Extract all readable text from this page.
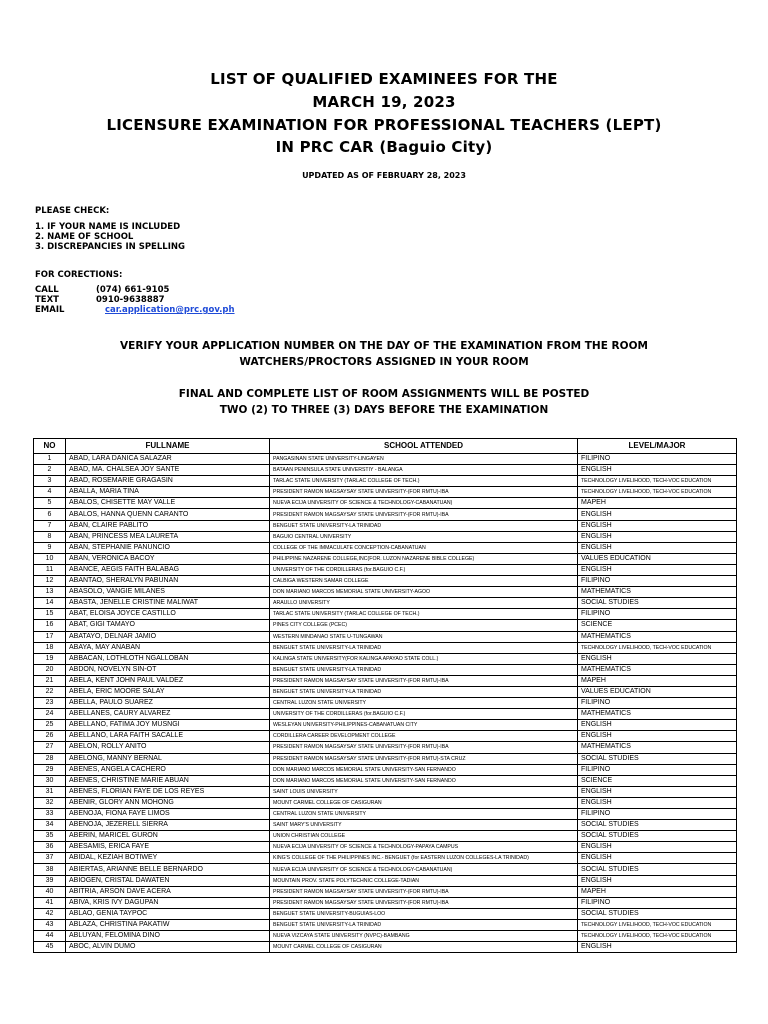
LIST OF QUALIFIED EXAMINEES FOR THE
MARCH 19, 2023
LICENSURE EXAMINATION FOR PROFESSIONAL TEACHERS (LEPT)
IN PRC CAR (Baguio City)
UPDATED AS OF FEBRUARY 28, 2023
PLEASE CHECK:
1. IF YOUR NAME IS INCLUDED
2. NAME OF SCHOOL
3. DISCREPANCIES IN SPELLING
FOR CORECTIONS:
CALL	(074) 661-9105
TEXT	0910-9638887
EMAIL	car.application@prc.gov.ph
VERIFY YOUR APPLICATION NUMBER ON THE DAY OF THE EXAMINATION FROM THE ROOM
WATCHERS/PROCTORS ASSIGNED IN YOUR ROOM
FINAL AND COMPLETE LIST OF ROOM ASSIGNMENTS WILL BE POSTED
TWO (2) TO THREE (3) DAYS BEFORE THE EXAMINATION
NO	FULLNAME	SCHOOL ATTENDED	LEVEL/MAJOR
1	ABAD, LARA DANICA SALAZAR	PANGASINAN STATE UNIVERSITY-LINGAYEN	FILIPINO
2	ABAD, MA. CHALSEA JOY SANTE	BATAAN PENINSULA STATE UNIVERSTIY - BALANGA	ENGLISH
3	ABAD, ROSEMARIE GRAGASIN	TARLAC STATE UNIVERSITY (TARLAC COLLEGE OF TECH.)	TECHNOLOGY LIVELIHOOD, TECH-VOC EDUCATION
4	ABALLA, MARIA TINA	PRESIDENT RAMON MAGSAYSAY STATE UNIVERSITY-(FOR RMTU)-IBA	TECHNOLOGY LIVELIHOOD, TECH-VOC EDUCATION
5	ABALOS, CHISETTE MAY VALLE	NUEVA ECIJA UNIVERSITY OF SCIENCE & TECHNOLOGY-CABANATUAN)	MAPEH
6	ABALOS, HANNA QUENN CARANTO	PRESIDENT RAMON MAGSAYSAY STATE UNIVERSITY-(FOR RMTU)-IBA	ENGLISH
7	ABAN, CLAIRE PABLITO	BENGUET STATE UNIVERSITY-LA TRINIDAD	ENGLISH
8	ABAN, PRINCESS MEA LAURETA	BAGUIO CENTRAL UNIVERSITY	ENGLISH
9	ABAN, STEPHANIE PANUNCIO	COLLEGE OF THE IMMACULATE CONCEPTION-CABANATUAN	ENGLISH
10	ABAN, VERONICA BACOY	PHILIPPINE NAZARENE COLLEGE,INC(FOR. LUZON NAZARENE BIBLE COLLEGE)	VALUES EDUCATION
11	ABANCE, AEGIS FAITH BALABAG	UNIVERSITY OF THE CORDILLERAS (for.BAGUIO C.F.)	ENGLISH
12	ABANTAO, SHERALYN PABUNAN	CALBIGA WESTERN SAMAR COLLEGE	FILIPINO
13	ABASOLO, VANGIE MILANES	DON MARIANO MARCOS MEMORIAL STATE UNIVERSITY-AGOO	MATHEMATICS
14	ABASTA, JENELLE CRISTINE MALIWAT	ARAULLO UNIVERSITY	SOCIAL STUDIES
15	ABAT, ELOISA JOYCE CASTILLO	TARLAC STATE UNIVERSITY (TARLAC COLLEGE OF TECH.)	FILIPINO
16	ABAT, GIGI TAMAYO	PINES CITY COLLEGE (PCEC)	SCIENCE
17	ABATAYO, DELNAR JAMIO	WESTERN MINDANAO STATE U-TUNGAWAN	MATHEMATICS
18	ABAYA, MAY ANABAN	BENGUET STATE UNIVERSITY-LA TRINIDAD	TECHNOLOGY LIVELIHOOD, TECH-VOC EDUCATION
19	ABBACAN, LOTHLOTH NGALLOBAN	KALINGA STATE UNIVERSITY(FOR KALINGA APAYAO STATE COLL.)	ENGLISH
20	ABDON, NOVELYN SIN-OT	BENGUET STATE UNIVERSITY-LA TRINIDAD	MATHEMATICS
21	ABELA, KENT JOHN PAUL VALDEZ	PRESIDENT RAMON MAGSAYSAY STATE UNIVERSITY-(FOR RMTU)-IBA	MAPEH
22	ABELA, ERIC MOORE SALAY	BENGUET STATE UNIVERSITY-LA TRINIDAD	VALUES EDUCATION
23	ABELLA, PAULO SUAREZ	CENTRAL LUZON STATE UNIVERSITY	FILIPINO
24	ABELLANES, CAURY ALVAREZ	UNIVERSITY OF THE CORDILLERAS (for.BAGUIO C.F.)	MATHEMATICS
25	ABELLANO, FATIMA JOY MUSNGI	WESLEYAN UNIVERSITY-PHILIPPINES-CABANATUAN CITY	ENGLISH
26	ABELLANO, LARA FAITH SACALLE	CORDILLERA CAREER DEVELOPMENT COLLEGE	ENGLISH
27	ABELON, ROLLY ANITO	PRESIDENT RAMON MAGSAYSAY STATE UNIVERSITY-(FOR RMTU)-IBA	MATHEMATICS
28	ABELONG, MANNY BERNAL	PRESIDENT RAMON MAGSAYSAY STATE UNIVERSITY-(FOR RMTU)-STA CRUZ	SOCIAL STUDIES
29	ABENES, ANGELA CACHERO	DON MARIANO MARCOS MEMORIAL STATE UNIVERSITY-SAN FERNANDO	FILIPINO
30	ABENES, CHRISTINE MARIE ABUAN	DON MARIANO MARCOS MEMORIAL STATE UNIVERSITY-SAN FERNANDO	SCIENCE
31	ABENES, FLORIAN FAYE DE LOS REYES	SAINT LOUIS UNIVERSITY	ENGLISH
32	ABENIR, GLORY ANN MOHONG	MOUNT CARMEL COLLEGE OF CASIGURAN	ENGLISH
33	ABENOJA, FIONA FAYE LIMOS	CENTRAL LUZON STATE UNIVERSITY	FILIPINO
34	ABENOJA, JEZERELL SIERRA	SAINT MARY'S UNIVERSITY	SOCIAL STUDIES
35	ABERIN, MARICEL GURON	UNION CHRISTIAN COLLEGE	SOCIAL STUDIES
36	ABESAMIS, ERICA FAYE	NUEVA ECIJA UNIVERSITY OF SCIENCE & TECHNOLOGY-PAPAYA CAMPUS	ENGLISH
37	ABIDAL, KEZIAH BOTIWEY	KING'S COLLEGE OF THE PHILIPPINES INC.- BENGUET (for EASTERN LUZON COLLEGES-LA TRINIDAD)	ENGLISH
38	ABIERTAS, ARIANNE BELLE BERNARDO	NUEVA ECIJA UNIVERSITY OF SCIENCE & TECHNOLOGY-CABANATUAN)	SOCIAL STUDIES
39	ABIOGEN, CRISTAL DAWATEN	MOUNTAIN PROV. STATE POLYTECHNIC COLLEGE-TADIAN	ENGLISH
40	ABITRIA, ARSON DAVE ACERA	PRESIDENT RAMON MAGSAYSAY STATE UNIVERSITY-(FOR RMTU)-IBA	MAPEH
41	ABIVA, KRIS IVY DAGUPAN	PRESIDENT RAMON MAGSAYSAY STATE UNIVERSITY-(FOR RMTU)-IBA	FILIPINO
42	ABLAO, GENIA TAYPOC	BENGUET STATE UNIVERSITY-BUGUIAS-LOO	SOCIAL STUDIES
43	ABLAZA, CHRISTINA PAKATIW	BENGUET STATE UNIVERSITY-LA TRINIDAD	TECHNOLOGY LIVELIHOOD, TECH-VOC EDUCATION
44	ABLUYAN, FELOMINA DINO	NUEVA VIZCAYA STATE UNIVERSITY (NVPC)-BAMBANG	TECHNOLOGY LIVELIHOOD, TECH-VOC EDUCATION
45	ABOC, ALVIN DUMO	MOUNT CARMEL COLLEGE OF CASIGURAN	ENGLISH
